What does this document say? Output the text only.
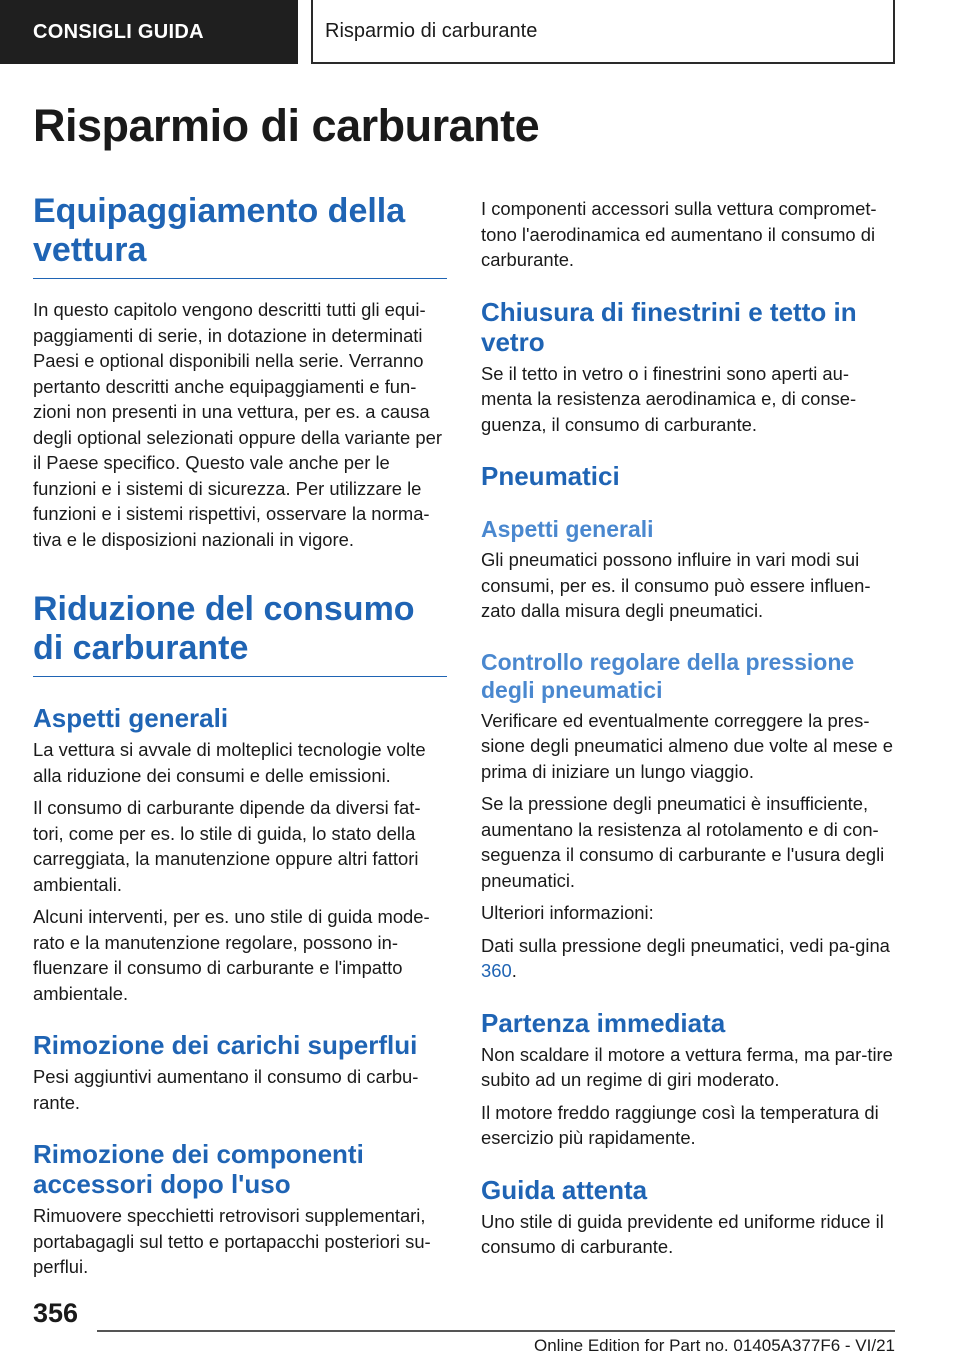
CONSIGLI GUIDA	Risparmio di carburante
Risparmio di carburante
Equipaggiamento della vettura

In questo capitolo vengono descritti tutti gli equi-paggiamenti di serie, in dotazione in determinati Paesi e optional disponibili nella serie. Verranno pertanto descritti anche equipaggiamenti e fun-zioni non presenti in una vettura, per es. a causa degli optional selezionati oppure della variante per il Paese specifico. Questo vale anche per le funzioni e i sistemi di sicurezza. Per utilizzare le funzioni e i sistemi rispettivi, osservare la norma-tiva e le disposizioni nazionali in vigore.

Riduzione del consumo di carburante
Aspetti generali

La vettura si avvale di molteplici tecnologie volte alla riduzione dei consumi e delle emissioni.

Il consumo di carburante dipende da diversi fat-tori, come per es. lo stile di guida, lo stato della carreggiata, la manutenzione oppure altri fattori ambientali.

Alcuni interventi, per es. uno stile di guida mode-rato e la manutenzione regolare, possono in-fluenzare il consumo di carburante e l'impatto ambientale.

Rimozione dei carichi superflui

Pesi aggiuntivi aumentano il consumo di carbu-rante.

Rimozione dei componenti accessori dopo l'uso

Rimuovere specchietti retrovisori supplementari, portabagagli sul tetto e portapacchi posteriori su-perflui.

I componenti accessori sulla vettura compromet-tono l'aerodinamica ed aumentano il consumo di carburante.

Chiusura di finestrini e tetto in vetro

Se il tetto in vetro o i finestrini sono aperti au-menta la resistenza aerodinamica e, di conse-guenza, il consumo di carburante.

Pneumatici
Aspetti generali

Gli pneumatici possono influire in vari modi sui consumi, per es. il consumo può essere influen-zato dalla misura degli pneumatici.

Controllo regolare della pressione degli pneumatici

Verificare ed eventualmente correggere la pres-sione degli pneumatici almeno due volte al mese e prima di iniziare un lungo viaggio.

Se la pressione degli pneumatici è insufficiente, aumentano la resistenza al rotolamento e di con-seguenza il consumo di carburante e l'usura degli pneumatici.

Ulteriori informazioni:

Dati sulla pressione degli pneumatici, vedi pa-gina 360.

Partenza immediata

Non scaldare il motore a vettura ferma, ma par-tire subito ad un regime di giri moderato.

Il motore freddo raggiunge così la temperatura di esercizio più rapidamente.

Guida attenta

Uno stile di guida previdente ed uniforme riduce il consumo di carburante.

356
Online Edition for Part no. 01405A377F6 - VI/21
